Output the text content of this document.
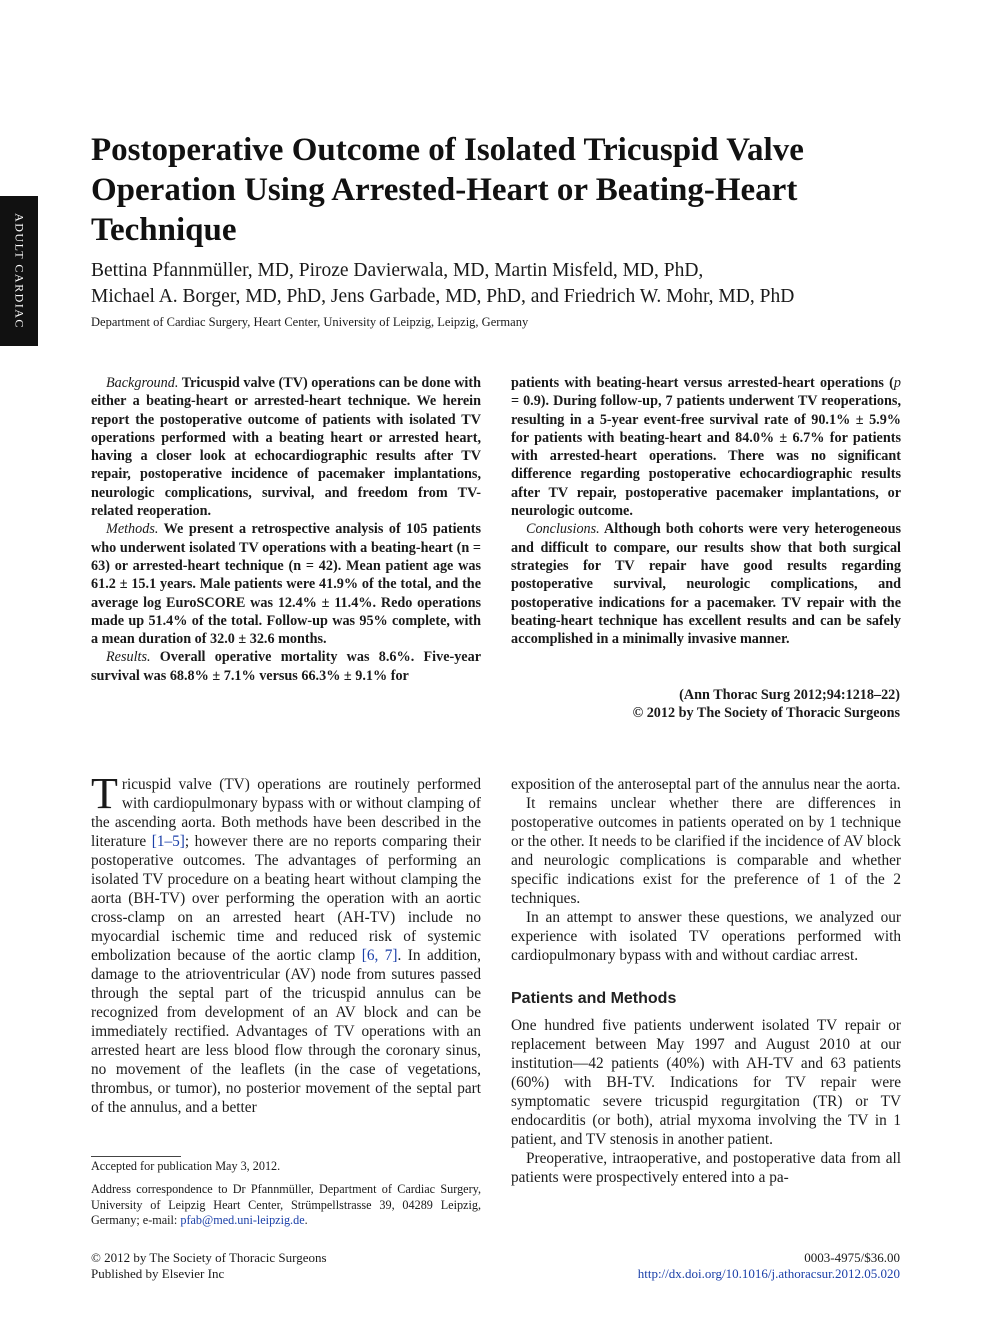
ADULT CARDIAC
Postoperative Outcome of Isolated Tricuspid Valve Operation Using Arrested-Heart or Beating-Heart Technique
Bettina Pfannmüller, MD, Piroze Davierwala, MD, Martin Misfeld, MD, PhD,
Michael A. Borger, MD, PhD, Jens Garbade, MD, PhD, and Friedrich W. Mohr, MD, PhD
Department of Cardiac Surgery, Heart Center, University of Leipzig, Leipzig, Germany

Background. Tricuspid valve (TV) operations can be done with either a beating-heart or arrested-heart technique. We herein report the postoperative outcome of patients with isolated TV operations performed with a beating heart or arrested heart, having a closer look at echocardiographic results after TV repair, postoperative incidence of pacemaker implantations, neurologic complications, survival, and freedom from TV-related reoperation.

Methods. We present a retrospective analysis of 105 patients who underwent isolated TV operations with a beating-heart (n = 63) or arrested-heart technique (n = 42). Mean patient age was 61.2 ± 15.1 years. Male patients were 41.9% of the total, and the average log EuroSCORE was 12.4% ± 11.4%. Redo operations made up 51.4% of the total. Follow-up was 95% complete, with a mean duration of 32.0 ± 32.6 months.

Results. Overall operative mortality was 8.6%. Five-year survival was 68.8% ± 7.1% versus 66.3% ± 9.1% for

patients with beating-heart versus arrested-heart operations (p = 0.9). During follow-up, 7 patients underwent TV reoperations, resulting in a 5-year event-free survival rate of 90.1% ± 5.9% for patients with beating-heart and 84.0% ± 6.7% for patients with arrested-heart operations. There was no significant difference regarding postoperative echocardiographic results after TV repair, postoperative pacemaker implantations, or neurologic outcome.

Conclusions. Although both cohorts were very heterogeneous and difficult to compare, our results show that both surgical strategies for TV repair have good results regarding postoperative survival, neurologic complications, and postoperative indications for a pacemaker. TV repair with the beating-heart technique has excellent results and can be safely accomplished in a minimally invasive manner.

(Ann Thorac Surg 2012;94:1218–22)
© 2012 by The Society of Thoracic Surgeons

Tricuspid valve (TV) operations are routinely performed with cardiopulmonary bypass with or without clamping of the ascending aorta. Both methods have been described in the literature [1–5]; however there are no reports comparing their postoperative outcomes. The advantages of performing an isolated TV procedure on a beating heart without clamping the aorta (BH-TV) over performing the operation with an aortic cross-clamp on an arrested heart (AH-TV) include no myocardial ischemic time and reduced risk of systemic embolization because of the aortic clamp [6, 7]. In addition, damage to the atrioventricular (AV) node from sutures passed through the septal part of the tricuspid annulus can be recognized from development of an AV block and can be immediately rectified. Advantages of TV operations with an arrested heart are less blood flow through the coronary sinus, no movement of the leaflets (in the case of vegetations, thrombus, or tumor), no posterior movement of the septal part of the annulus, and a better

exposition of the anteroseptal part of the annulus near the aorta.

It remains unclear whether there are differences in postoperative outcomes in patients operated on by 1 technique or the other. It needs to be clarified if the incidence of AV block and neurologic complications is comparable and whether specific indications exist for the preference of 1 of the 2 techniques.

In an attempt to answer these questions, we analyzed our experience with isolated TV operations performed with cardiopulmonary bypass with and without cardiac arrest.

Patients and Methods

One hundred five patients underwent isolated TV repair or replacement between May 1997 and August 2010 at our institution—42 patients (40%) with AH-TV and 63 patients (60%) with BH-TV. Indications for TV repair were symptomatic severe tricuspid regurgitation (TR) or TV endocarditis (or both), atrial myxoma involving the TV in 1 patient, and TV stenosis in another patient.

Preoperative, intraoperative, and postoperative data from all patients were prospectively entered into a pa-

Accepted for publication May 3, 2012.
Address correspondence to Dr Pfannmüller, Department of Cardiac Surgery, University of Leipzig Heart Center, Strümpellstrasse 39, 04289 Leipzig, Germany; e-mail: pfab@med.uni-leipzig.de.
© 2012 by The Society of Thoracic Surgeons
Published by Elsevier Inc
0003-4975/$36.00
http://dx.doi.org/10.1016/j.athoracsur.2012.05.020
